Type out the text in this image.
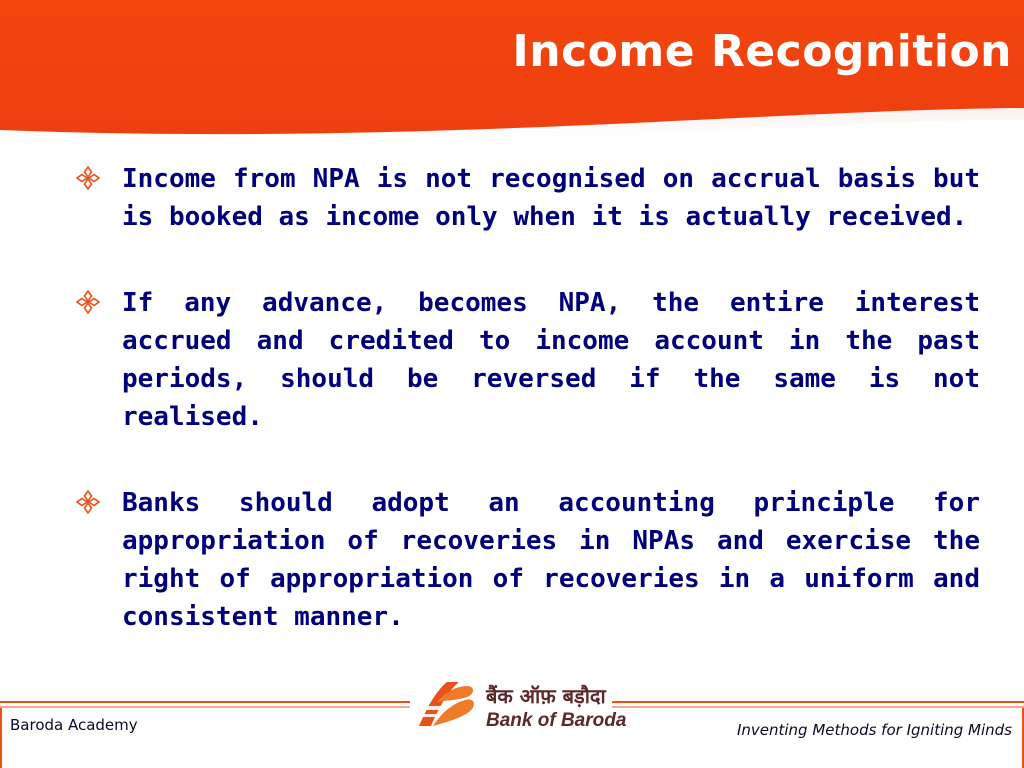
Income Recognition
Income from NPA is not recognised on accrual basis but is booked as income only when it is actually received.
If any advance, becomes NPA, the entire interest accrued and credited to income account in the past periods, should be reversed if the same is not realised.
Banks should adopt an accounting principle for appropriation of recoveries in NPAs and exercise the right of appropriation of recoveries in a uniform and consistent manner.
बैंक ऑफ़ बड़ौदा
Bank of Baroda
Baroda Academy	Inventing Methods for Igniting Minds
